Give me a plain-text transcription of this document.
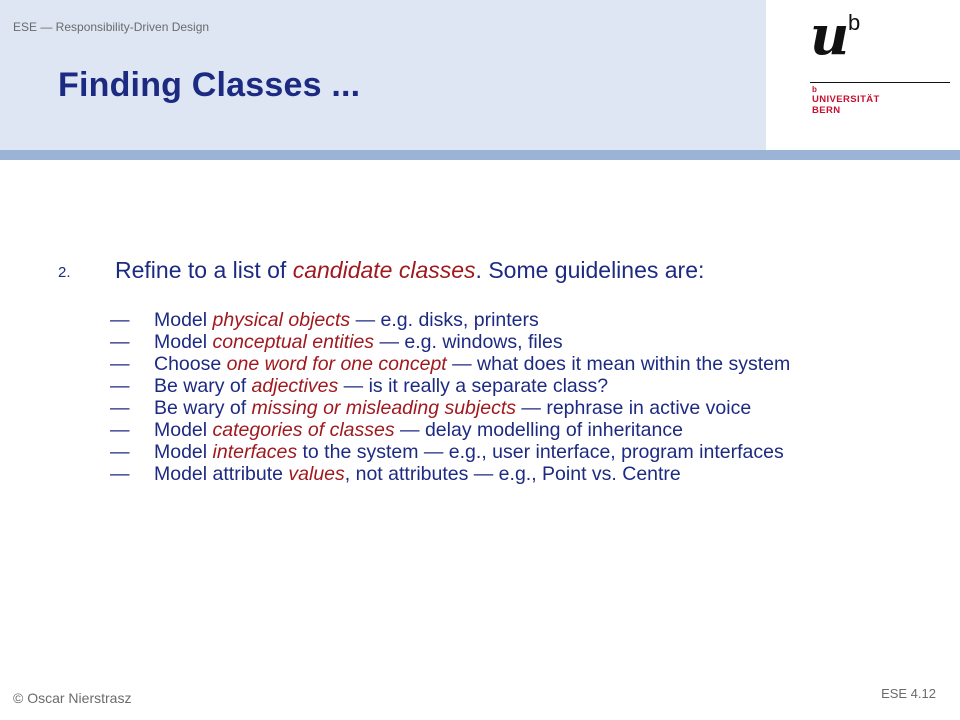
ESE — Responsibility-Driven Design
Finding Classes ...
u
b
b
UNIVERSITÄT
BERN
2. Refine to a list of candidate classes. Some guidelines are:
— Model physical objects — e.g. disks, printers
— Model conceptual entities — e.g. windows, files
— Choose one word for one concept — what does it mean within the system
— Be wary of adjectives — is it really a separate class?
— Be wary of missing or misleading subjects — rephrase in active voice
— Model categories of classes — delay modelling of inheritance
— Model interfaces to the system — e.g., user interface, program interfaces
— Model attribute values, not attributes — e.g., Point vs. Centre
© Oscar Nierstrasz	ESE 4.12
